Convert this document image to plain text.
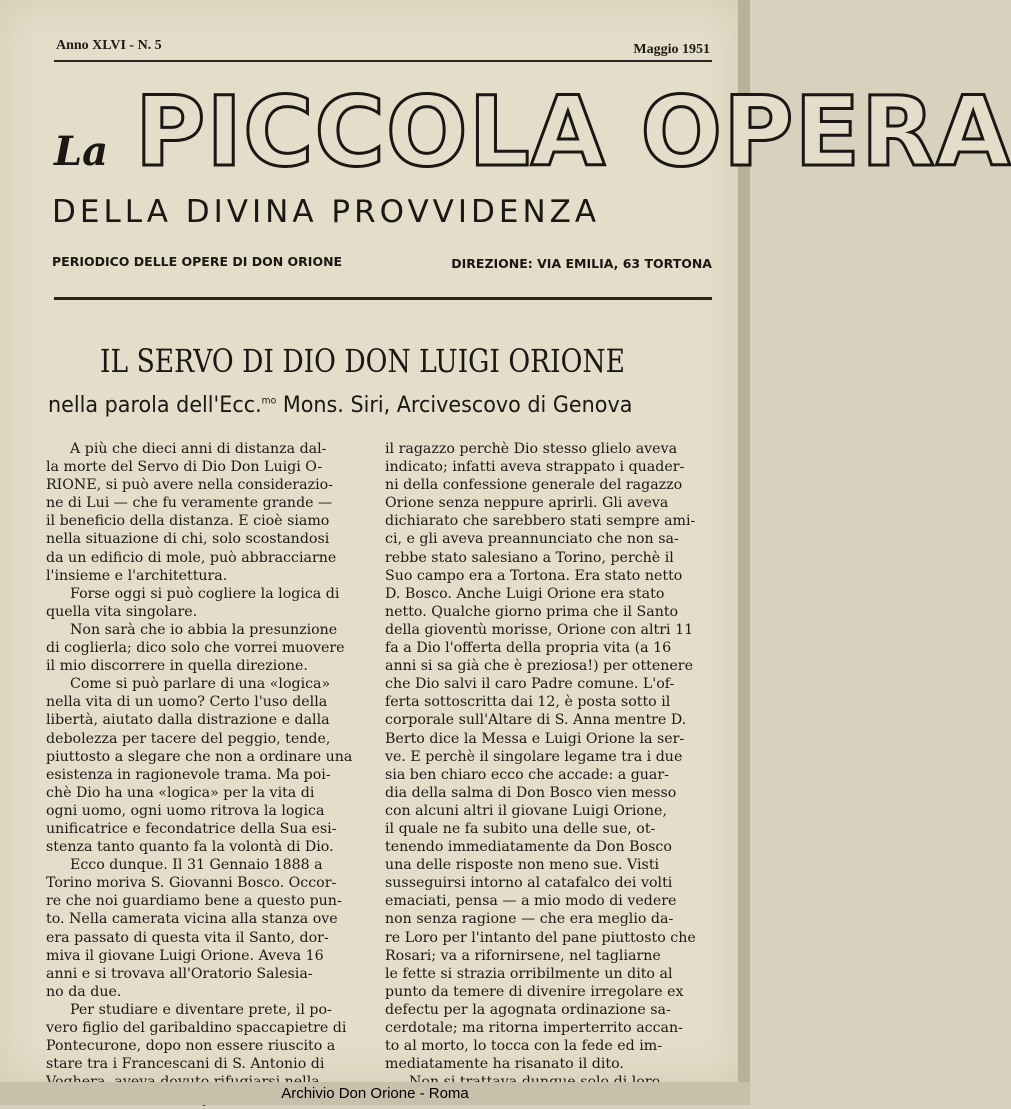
Anno XLVI - N. 5	Maggio 1951
La PICCOLA OPERA
DELLA DIVINA PROVVIDENZA
PERIODICO DELLE OPERE DI DON ORIONE	DIREZIONE: VIA EMILIA, 63 TORTONA
IL SERVO DI DIO DON LUIGI ORIONE
nella parola dell'Ecc.$^{mo}$ Mons. Siri, Arcivescovo di Genova

A più che dieci anni di distanza dal-
la morte del Servo di Dio Don Luigi O-
RIONE, si può avere nella considerazio-
ne di Lui — che fu veramente grande —
il beneficio della distanza. E cioè siamo
nella situazione di chi, solo scostandosi
da un edificio di mole, può abbracciarne
l'insieme e l'architettura.

Forse oggi si può cogliere la logica di
quella vita singolare.

Non sarà che io abbia la presunzione
di coglierla; dico solo che vorrei muovere
il mio discorrere in quella direzione.

Come si può parlare di una «logica»
nella vita di un uomo? Certo l'uso della
libertà, aiutato dalla distrazione e dalla
debolezza per tacere del peggio, tende,
piuttosto a slegare che non a ordinare una
esistenza in ragionevole trama. Ma poi-
chè Dio ha una «logica» per la vita di
ogni uomo, ogni uomo ritrova la logica
unificatrice e fecondatrice della Sua esi-
stenza tanto quanto fa la volontà di Dio.

Ecco dunque. Il 31 Gennaio 1888 a
Torino moriva S. Giovanni Bosco. Occor-
re che noi guardiamo bene a questo pun-
to. Nella camerata vicina alla stanza ove
era passato di questa vita il Santo, dor-
miva il giovane Luigi Orione. Aveva 16
anni e si trovava all'Oratorio Salesia-
no da due.

Per studiare e diventare prete, il po-
vero figlio del garibaldino spaccapietre di
Pontecurone, dopo non essere riuscito a
stare tra i Francescani di S. Antonio di

il ragazzo perchè Dio stesso glielo aveva
indicato; infatti aveva strappato i quader-
ni della confessione generale del ragazzo
Orione senza neppure aprirli. Gli aveva
dichiarato che sarebbero stati sempre ami-
ci, e gli aveva preannunciato che non sa-
rebbe stato salesiano a Torino, perchè il
Suo campo era a Tortona. Era stato netto
D. Bosco. Anche Luigi Orione era stato
netto. Qualche giorno prima che il Santo
della gioventù morisse, Orione con altri 11
fa a Dio l'offerta della propria vita (a 16
anni si sa già che è preziosa!) per ottenere
che Dio salvi il caro Padre comune. L'of-
ferta sottoscritta dai 12, è posta sotto il
corporale sull'Altare di S. Anna mentre D.
Berto dice la Messa e Luigi Orione la ser-
ve. E perchè il singolare legame tra i due
sia ben chiaro ecco che accade: a guar-
dia della salma di Don Bosco vien messo
con alcuni altri il giovane Luigi Orione,
il quale ne fa subito una delle sue, ot-
tenendo immediatamente da Don Bosco
una delle risposte non meno sue. Visti
susseguirsi intorno al catafalco dei volti
emaciati, pensa — a mio modo di vedere
non senza ragione — che era meglio da-
re Loro per l'intanto del pane piuttosto che
Rosari; va a rifornirsene, nel tagliarne
le fette si strazia orribilmente un dito al
punto da temere di divenire irregolare ex
defectu per la agognata ordinazione sa-
cerdotale; ma ritorna imperterrito accan-
to al morto, lo tocca con la fede ed im-
mediatamente ha risanato il dito.

Archivio Don Orione - Roma
